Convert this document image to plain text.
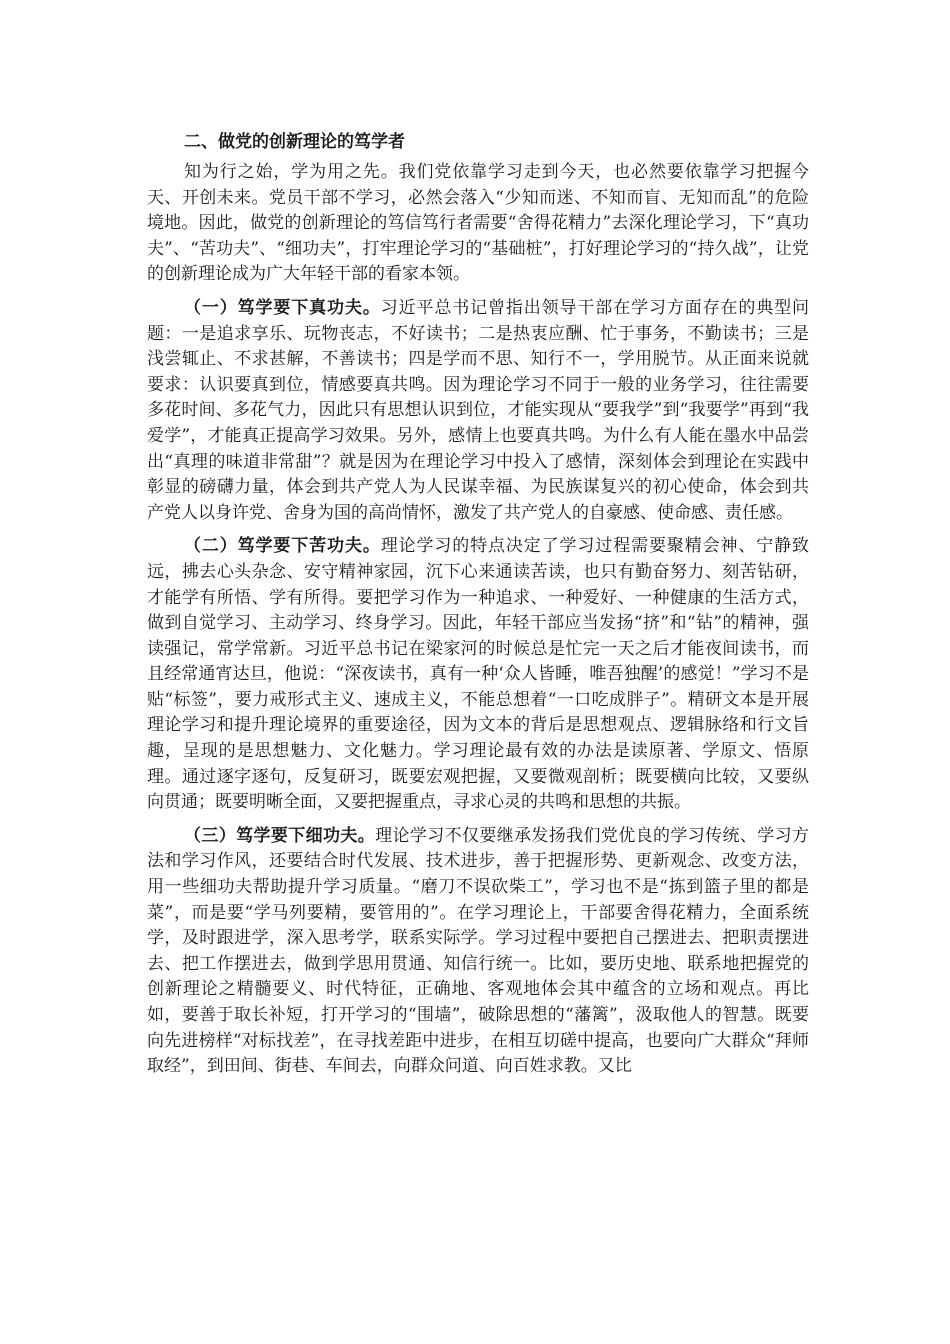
二、做党的创新理论的笃学者

知为行之始，学为用之先。我们党依靠学习走到今天，也必然要依靠学习把握今天、开创未来。党员干部不学习，必然会落入“少知而迷、不知而盲、无知而乱”的危险境地。因此，做党的创新理论的笃信笃行者需要“舍得花精力”去深化理论学习，下“真功夫”、“苦功夫”、“细功夫”，打牢理论学习的“基础桩”，打好理论学习的“持久战”，让党的创新理论成为广大年轻干部的看家本领。

（一）笃学要下真功夫。习近平总书记曾指出领导干部在学习方面存在的典型问题：一是追求享乐、玩物丧志，不好读书；二是热衷应酬、忙于事务，不勤读书；三是浅尝辄止、不求甚解，不善读书；四是学而不思、知行不一，学用脱节。从正面来说就要求：认识要真到位，情感要真共鸣。因为理论学习不同于一般的业务学习，往往需要多花时间、多花气力，因此只有思想认识到位，才能实现从“要我学”到“我要学”再到“我爱学”，才能真正提高学习效果。另外，感情上也要真共鸣。为什么有人能在墨水中品尝出“真理的味道非常甜”？就是因为在理论学习中投入了感情，深刻体会到理论在实践中彰显的磅礴力量，体会到共产党人为人民谋幸福、为民族谋复兴的初心使命，体会到共产党人以身许党、舍身为国的高尚情怀，激发了共产党人的自豪感、使命感、责任感。

（二）笃学要下苦功夫。理论学习的特点决定了学习过程需要聚精会神、宁静致远，拂去心头杂念、安守精神家园，沉下心来通读苦读，也只有勤奋努力、刻苦钻研，才能学有所悟、学有所得。要把学习作为一种追求、一种爱好、一种健康的生活方式，做到自觉学习、主动学习、终身学习。因此，年轻干部应当发扬“挤”和“钻”的精神，强读强记，常学常新。习近平总书记在梁家河的时候总是忙完一天之后才能夜间读书，而且经常通宵达旦，他说：“深夜读书，真有一种‘众人皆睡，唯吾独醒’的感觉！”学习不是贴“标签”，要力戒形式主义、速成主义，不能总想着“一口吃成胖子”。精研文本是开展理论学习和提升理论境界的重要途径，因为文本的背后是思想观点、逻辑脉络和行文旨趣，呈现的是思想魅力、文化魅力。学习理论最有效的办法是读原著、学原文、悟原理。通过逐字逐句，反复研习，既要宏观把握，又要微观剖析；既要横向比较，又要纵向贯通；既要明晰全面，又要把握重点，寻求心灵的共鸣和思想的共振。

（三）笃学要下细功夫。理论学习不仅要继承发扬我们党优良的学习传统、学习方法和学习作风，还要结合时代发展、技术进步，善于把握形势、更新观念、改变方法，用一些细功夫帮助提升学习质量。“磨刀不误砍柴工”，学习也不是“拣到篮子里的都是菜”，而是要“学马列要精，要管用的”。在学习理论上，干部要舍得花精力，全面系统学，及时跟进学，深入思考学，联系实际学。学习过程中要把自己摆进去、把职责摆进去、把工作摆进去，做到学思用贯通、知信行统一。比如，要历史地、联系地把握党的创新理论之精髓要义、时代特征，正确地、客观地体会其中蕴含的立场和观点。再比如，要善于取长补短，打开学习的“围墙”，破除思想的“藩篱”，汲取他人的智慧。既要向先进榜样“对标找差”，在寻找差距中进步，在相互切磋中提高，也要向广大群众“拜师取经”，到田间、街巷、车间去，向群众问道、向百姓求教。又比
